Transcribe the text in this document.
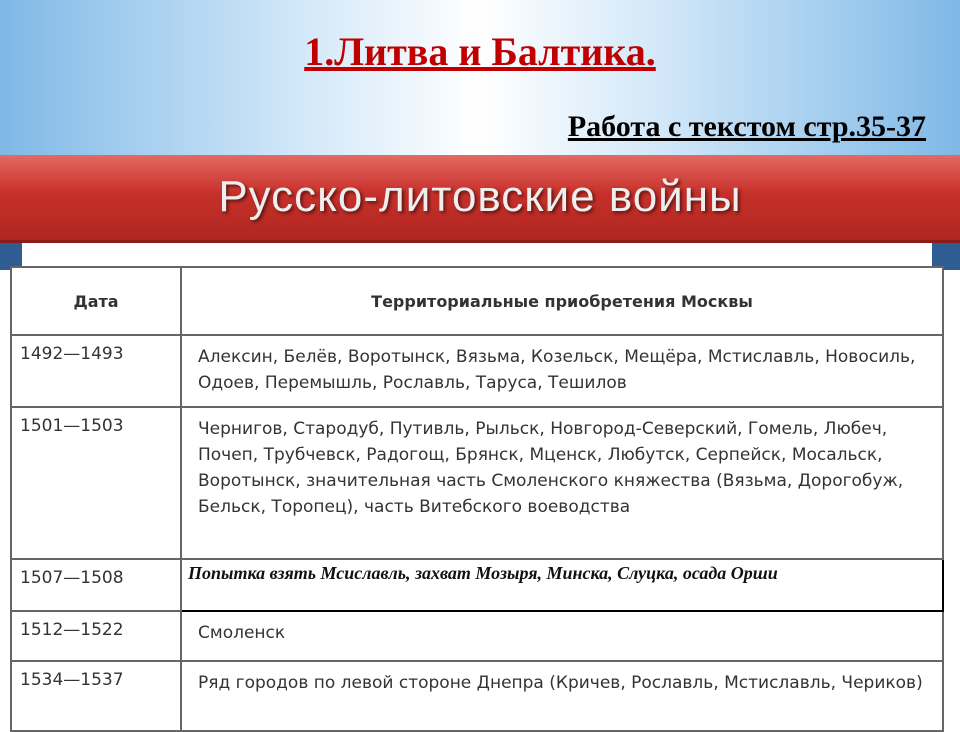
1.Литва и Балтика.
Работа с текстом стр.35-37
Русско-литовские войны
Дата	Территориальные приобретения Москвы
1492—1493	Алексин, Белёв, Воротынск, Вязьма, Козельск, Мещёра, Мстиславль, Новосиль, Одоев, Перемышль, Рославль, Таруса, Тешилов
1501—1503	Чернигов, Стародуб, Путивль, Рыльск, Новгород-Северский, Гомель, Любеч, Почеп, Трубчевск, Радогощ, Брянск, Мценск, Любутск, Серпейск, Мосальск, Воротынск, значительная часть Смоленского княжества (Вязьма, Дорогобуж, Бельск, Торопец), часть Витебского воеводства
1507—1508	Попытка взять Мсиславль, захват Мозыря, Минска, Слуцка, осада Орши
1512—1522	Смоленск
1534—1537	Ряд городов по левой стороне Днепра (Кричев, Рославль, Мстиславль, Чериков)
